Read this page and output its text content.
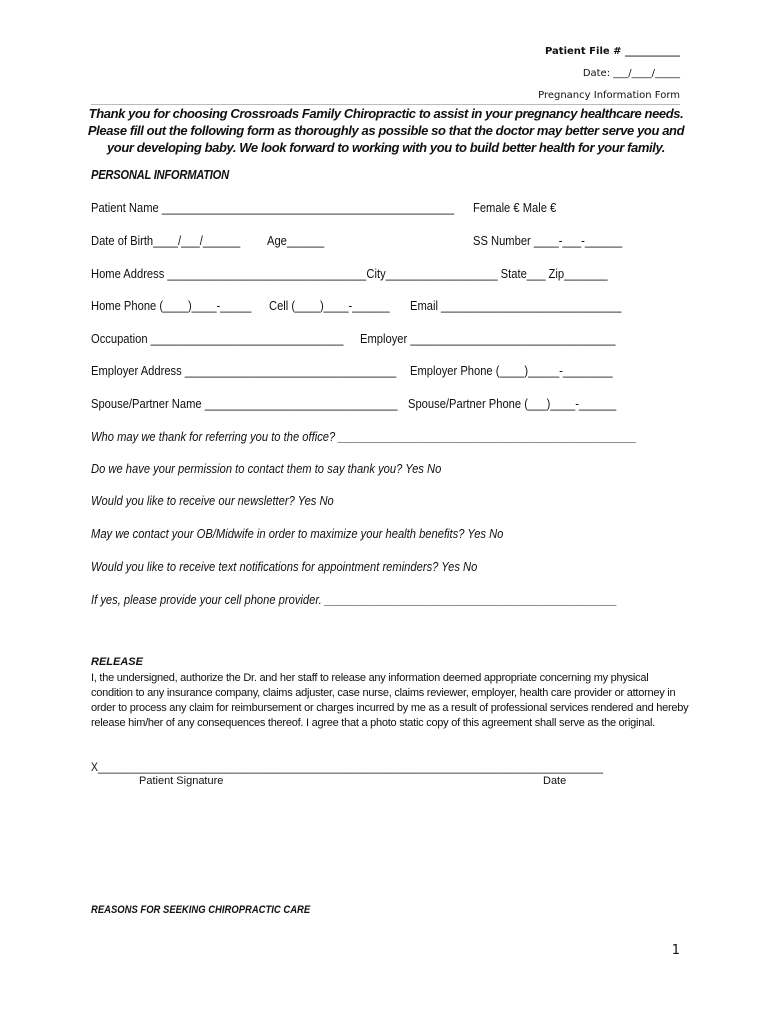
Patient File # ___________
Date: ___/____/_____
Pregnancy Information Form
Thank you for choosing Crossroads Family Chiropractic to assist in your pregnancy healthcare needs. Please fill out the following form as thoroughly as possible so that the doctor may better serve you and your developing baby. We look forward to working with you to build better health for your family.
PERSONAL INFORMATION
Patient Name _______________________________________________ Female € Male €
Date of Birth____/___/______ Age______	SS Number ____-___-______
Home Address ________________________________City__________________ State___ Zip_______
Home Phone (____)____-_____ Cell (____)____-______ Email _____________________________
Occupation _______________________________ Employer _________________________________
Employer Address __________________________________ Employer Phone (____)_____-________
Spouse/Partner Name _______________________________ Spouse/Partner Phone (___)____-______
Who may we thank for referring you to the office? ________________________________________________
Do we have your permission to contact them to say thank you? Yes No
Would you like to receive our newsletter? Yes No
May we contact your OB/Midwife in order to maximize your health benefits? Yes No
Would you like to receive text notifications for appointment reminders? Yes No
If yes, please provide your cell phone provider. _______________________________________________
RELEASE
I, the undersigned, authorize the Dr. and her staff to release any information deemed appropriate concerning my physical condition to any insurance company, claims adjuster, case nurse, claims reviewer, employer, health care provider or attorney in order to process any claim for reimbursement or charges incurred by me as a result of professional services rendered and hereby release him/her of any consequences thereof. I agree that a photo static copy of this agreement shall serve as the original.
X________________________________________________________________________________________
Patient Signature	Date
REASONS FOR SEEKING CHIROPRACTIC CARE
1
